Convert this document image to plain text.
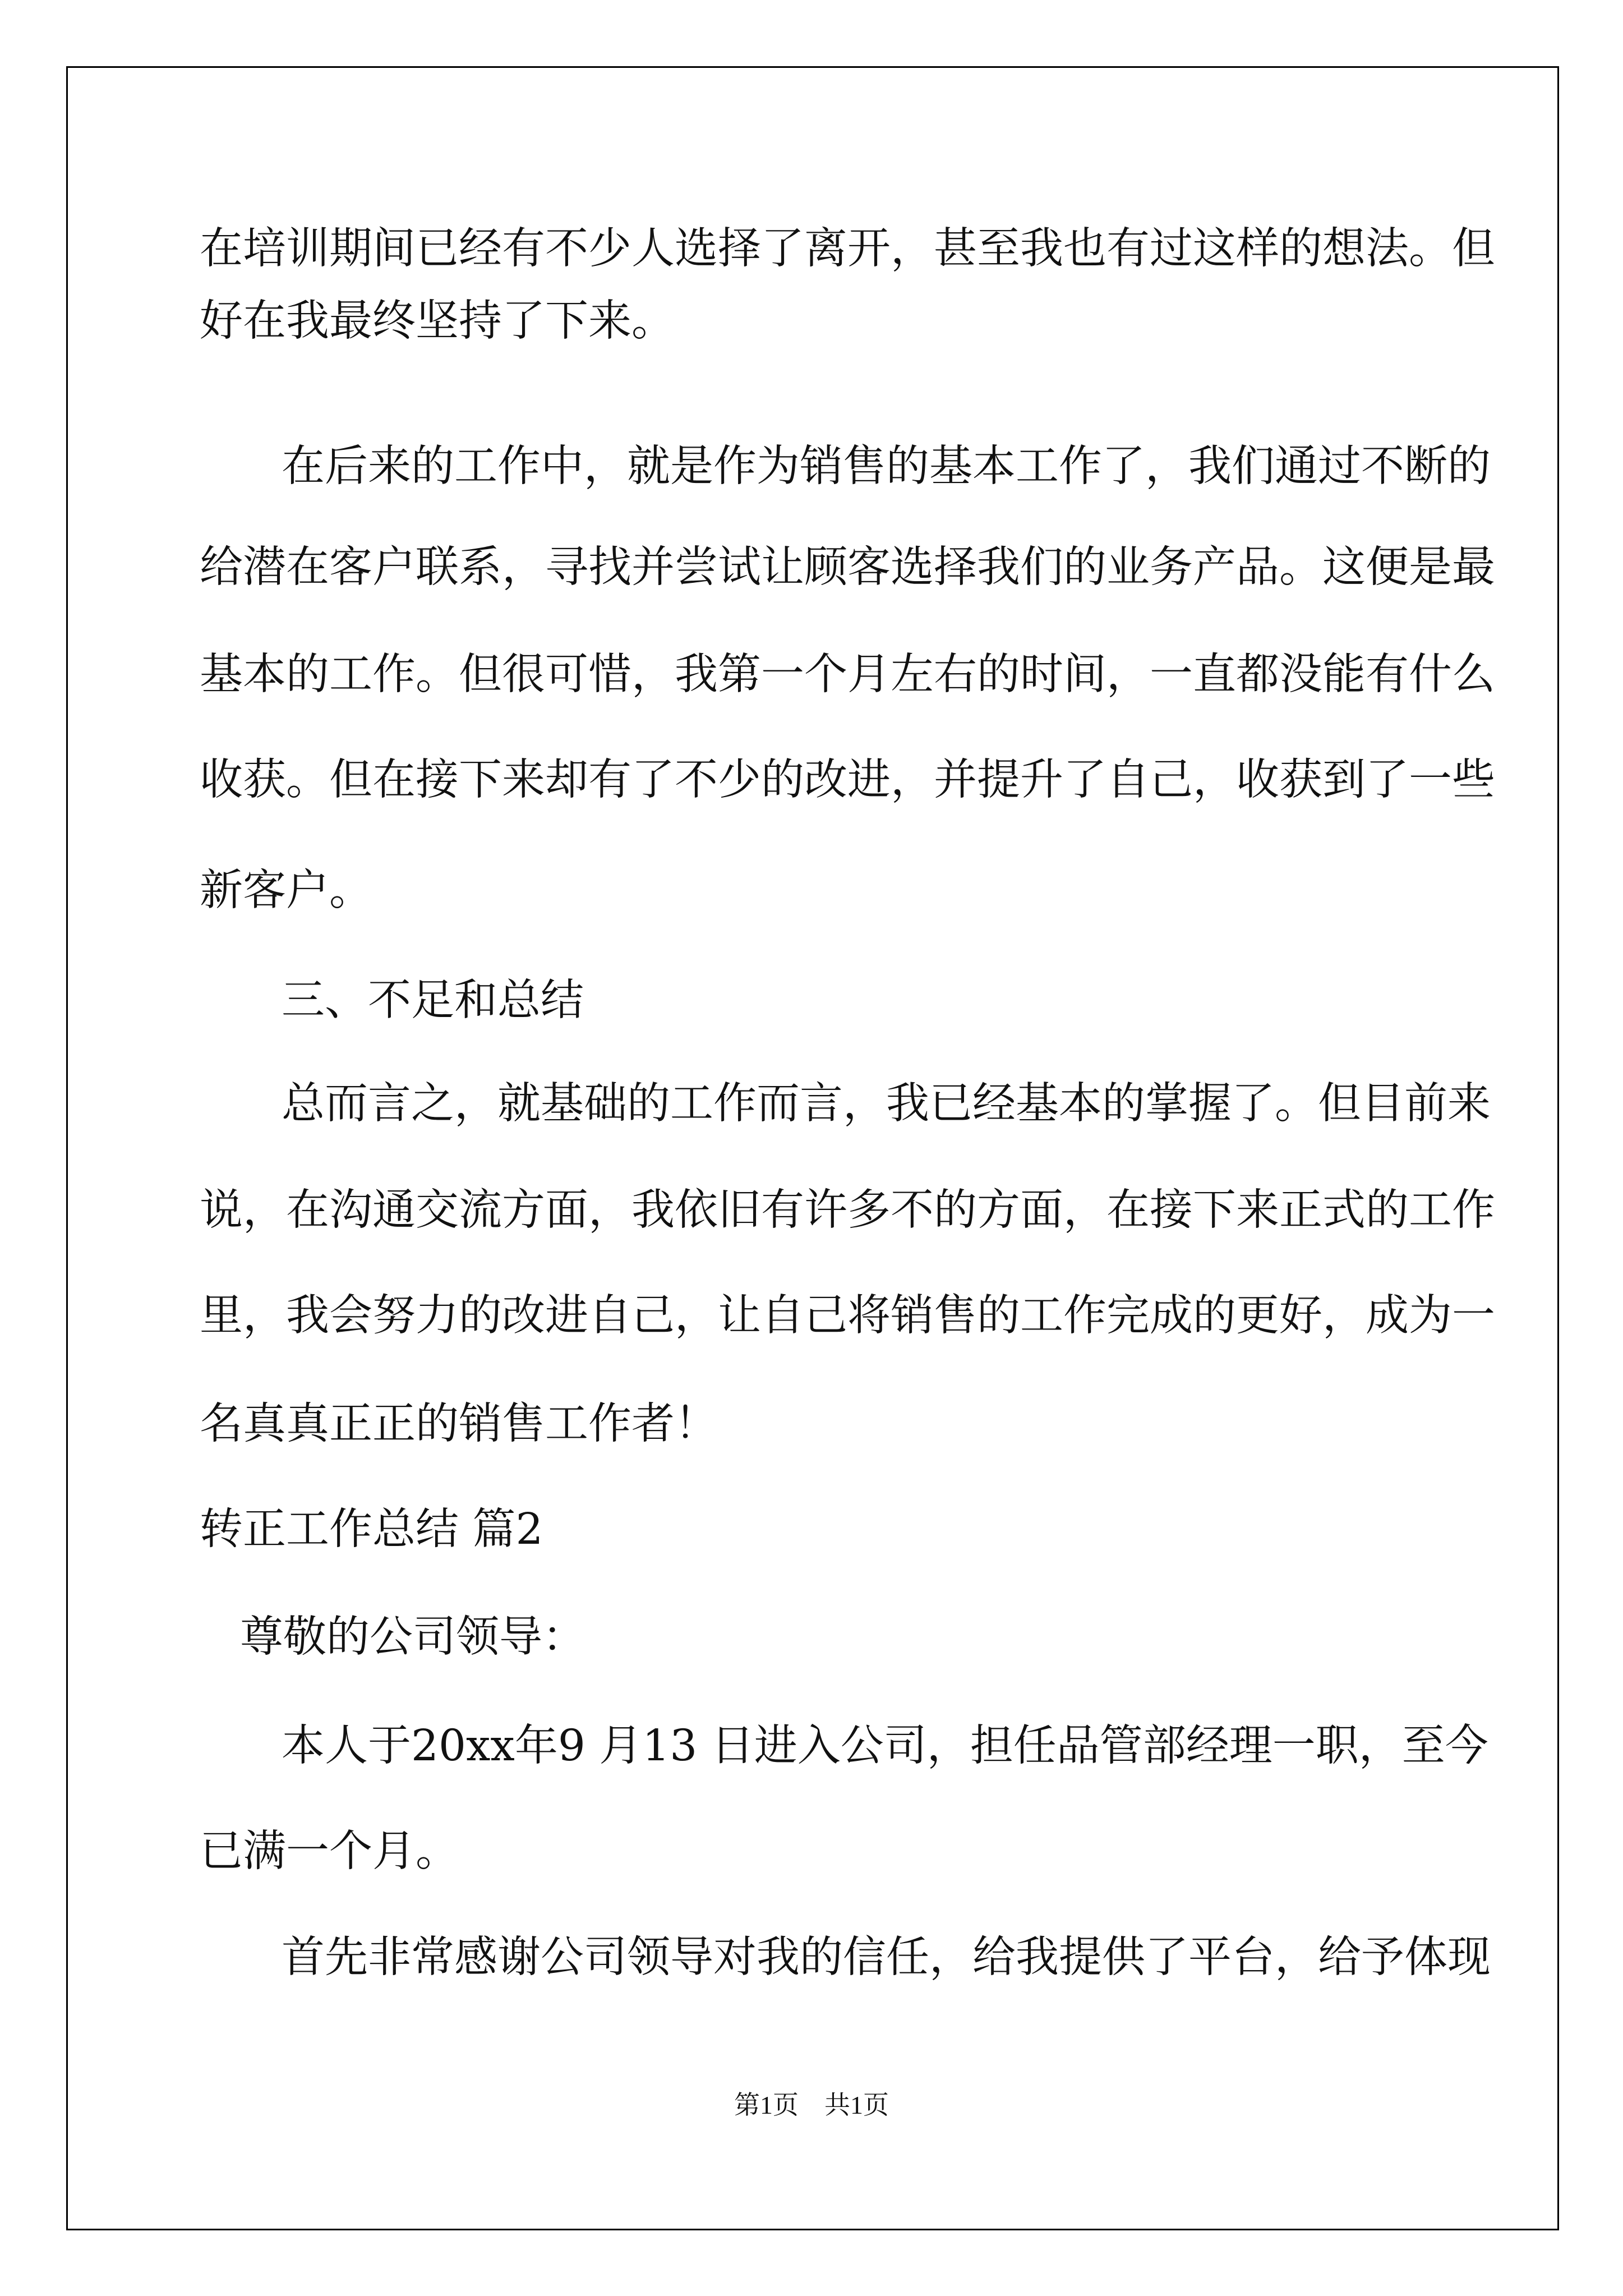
在培训期间已经有不少人选择了离开，甚至我也有过这样的想法。但
好在我最终坚持了下来。
在后来的工作中，就是作为销售的基本工作了，我们通过不断的
给潜在客户联系，寻找并尝试让顾客选择我们的业务产品。这便是最
基本的工作。但很可惜，我第一个月左右的时间，一直都没能有什么
收获。但在接下来却有了不少的改进，并提升了自己，收获到了一些
新客户。
三、不足和总结
总而言之，就基础的工作而言，我已经基本的掌握了。但目前来
说，在沟通交流方面，我依旧有许多不的方面，在接下来正式的工作
里，我会努力的改进自己，让自己将销售的工作完成的更好，成为一
名真真正正的销售工作者！
转正工作总结 篇2
尊敬的公司领导：
本人于20xx年9 月13 日进入公司，担任品管部经理一职，至今
已满一个月。
首先非常感谢公司领导对我的信任，给我提供了平台，给予体现
第1页    共1页
